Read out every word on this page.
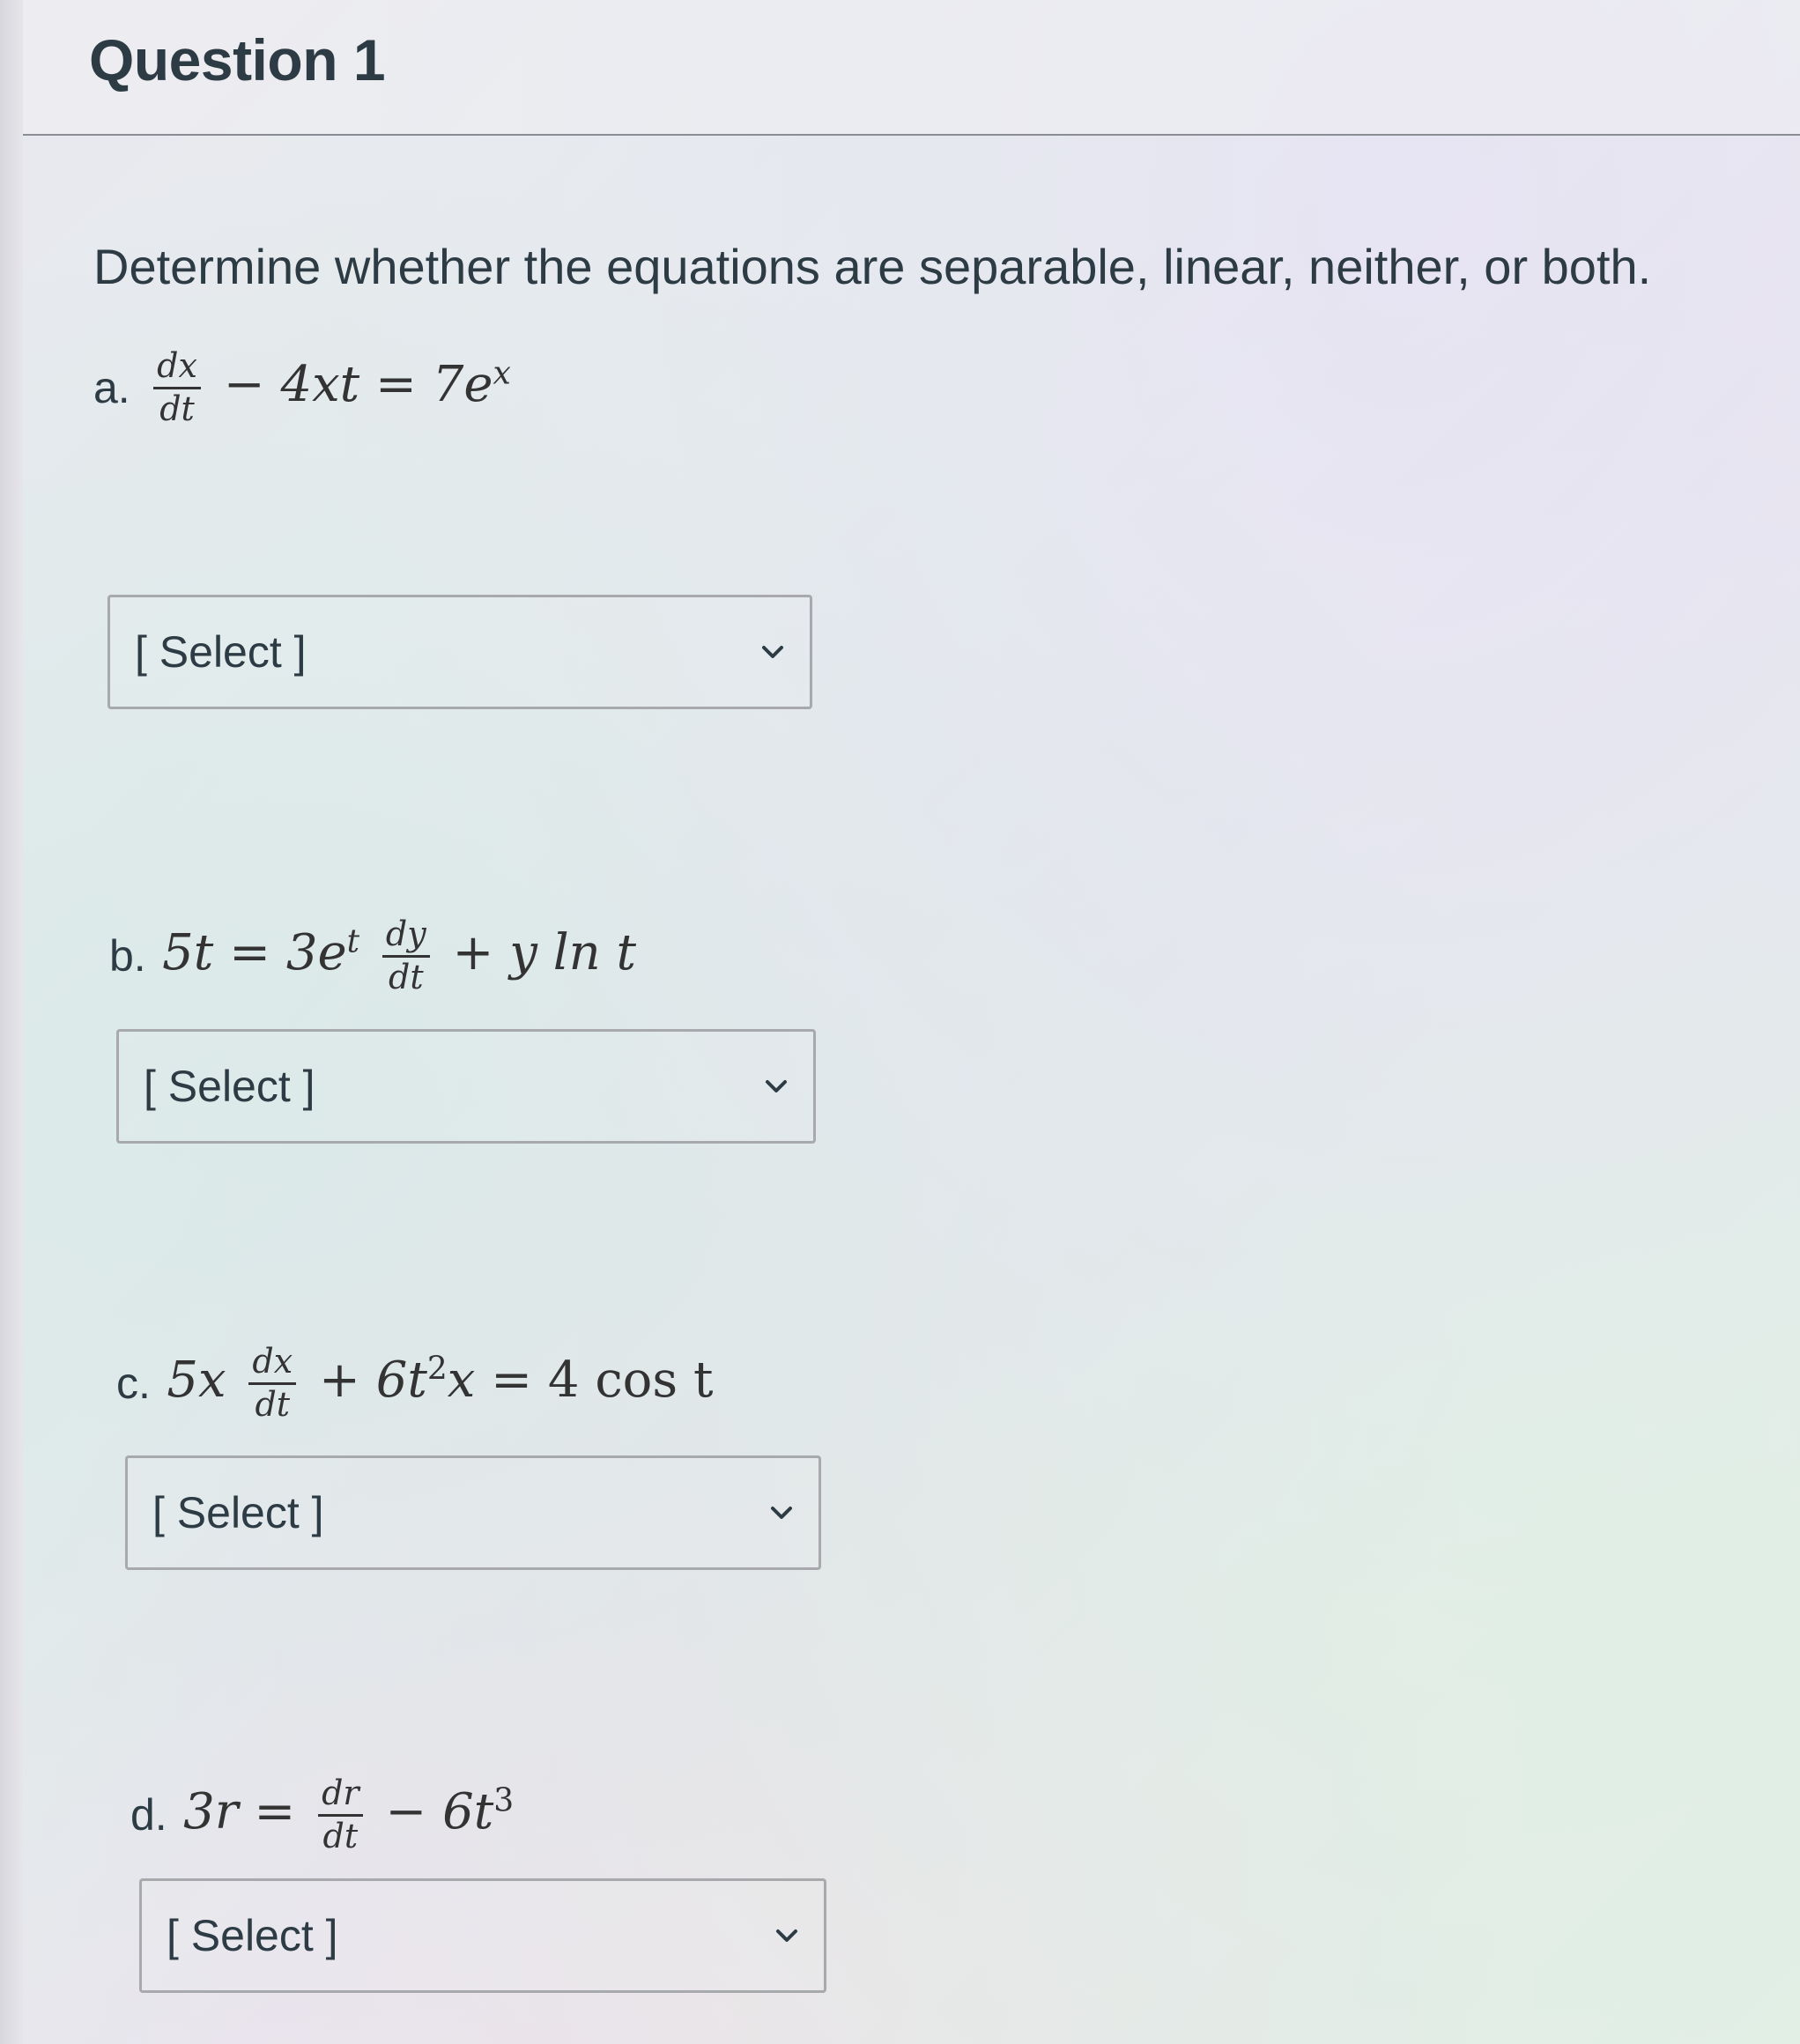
Question 1
Determine whether the equations are separable, linear, neither, or both.
a. $\frac{dx}{dt} - 4xt = 7e^x$
[ Select ]
b. $5t = 3e^t \frac{dy}{dt} + y$ ln t
[ Select ]
c. $5x \frac{dx}{dt} + 6t^2x = 4$ cos t
[ Select ]
d. $3r = \frac{dr}{dt} - 6t^3$
[ Select ]
